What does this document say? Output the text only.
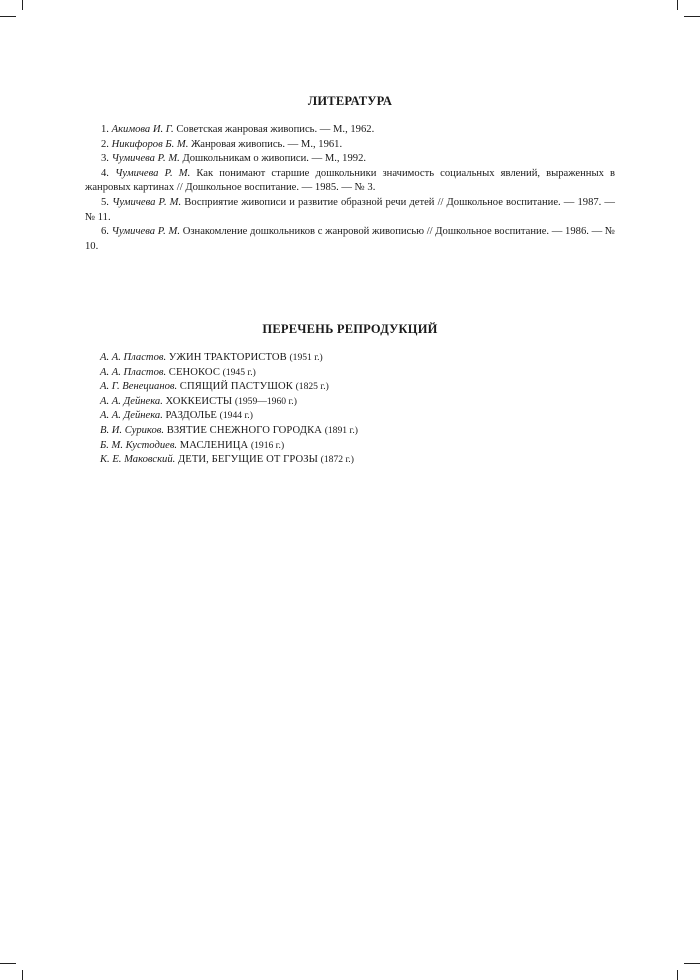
ЛИТЕРАТУРА

1. Акимова И. Г. Советская жанровая живопись. — М., 1962.

2. Никифоров Б. М. Жанровая живопись. — М., 1961.

3. Чумичева Р. М. Дошкольникам о живописи. — М., 1992.

4. Чумичева Р. М. Как понимают старшие дошкольники значимость социальных явлений, выраженных в жанровых картинах // Дошкольное воспитание. — 1985. — № 3.

5. Чумичева Р. М. Восприятие живописи и развитие образной речи детей // Дошкольное воспитание. — 1987. — № 11.

6. Чумичева Р. М. Ознакомление дошкольников с жанровой живописью // Дошкольное воспитание. — 1986. — № 10.

ПЕРЕЧЕНЬ РЕПРОДУКЦИЙ

А. А. Пластов. УЖИН ТРАКТОРИСТОВ (1951 г.)

А. А. Пластов. СЕНОКОС (1945 г.)

А. Г. Венецианов. СПЯЩИЙ ПАСТУШОК (1825 г.)

А. А. Дейнека. ХОККЕИСТЫ (1959—1960 г.)

А. А. Дейнека. РАЗДОЛЬЕ (1944 г.)

В. И. Суриков. ВЗЯТИЕ СНЕЖНОГО ГОРОДКА (1891 г.)

Б. М. Кустодиев. МАСЛЕНИЦА (1916 г.)

К. Е. Маковский. ДЕТИ, БЕГУЩИЕ ОТ ГРОЗЫ (1872 г.)
